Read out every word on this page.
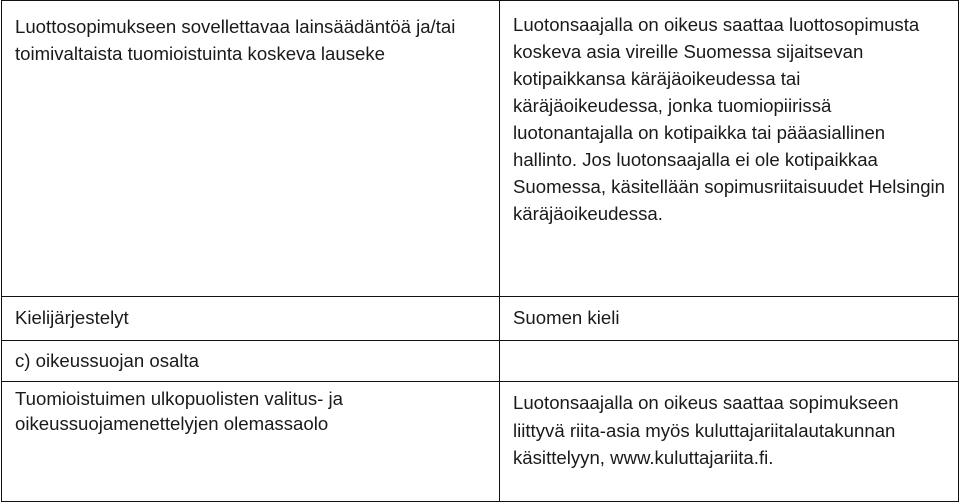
Luottosopimukseen sovellettavaa lainsäädäntöä ja/tai toimivaltaista tuomioistuinta koskeva lauseke	Luotonsaajalla on oikeus saattaa luottosopimusta koskeva asia vireille Suomessa sijaitsevan kotipaikkansa käräjäoikeudessa tai käräjäoikeudessa, jonka tuomiopiirissä luotonantajalla on kotipaikka tai pääasiallinen hallinto. Jos luotonsaajalla ei ole kotipaikkaa Suomessa, käsitellään sopimusriitaisuudet Helsingin käräjäoikeudessa.

Kielijärjestelyt	Suomen kieli

c) oikeussuojan osalta	

Tuomioistuimen ulkopuolisten valitus- ja oikeussuojamenettelyjen olemassaolo	Luotonsaajalla on oikeus saattaa sopimukseen liittyvä riita-asia myös kuluttajariitalautakunnan käsittelyyn, www.kuluttajariita.fi.
